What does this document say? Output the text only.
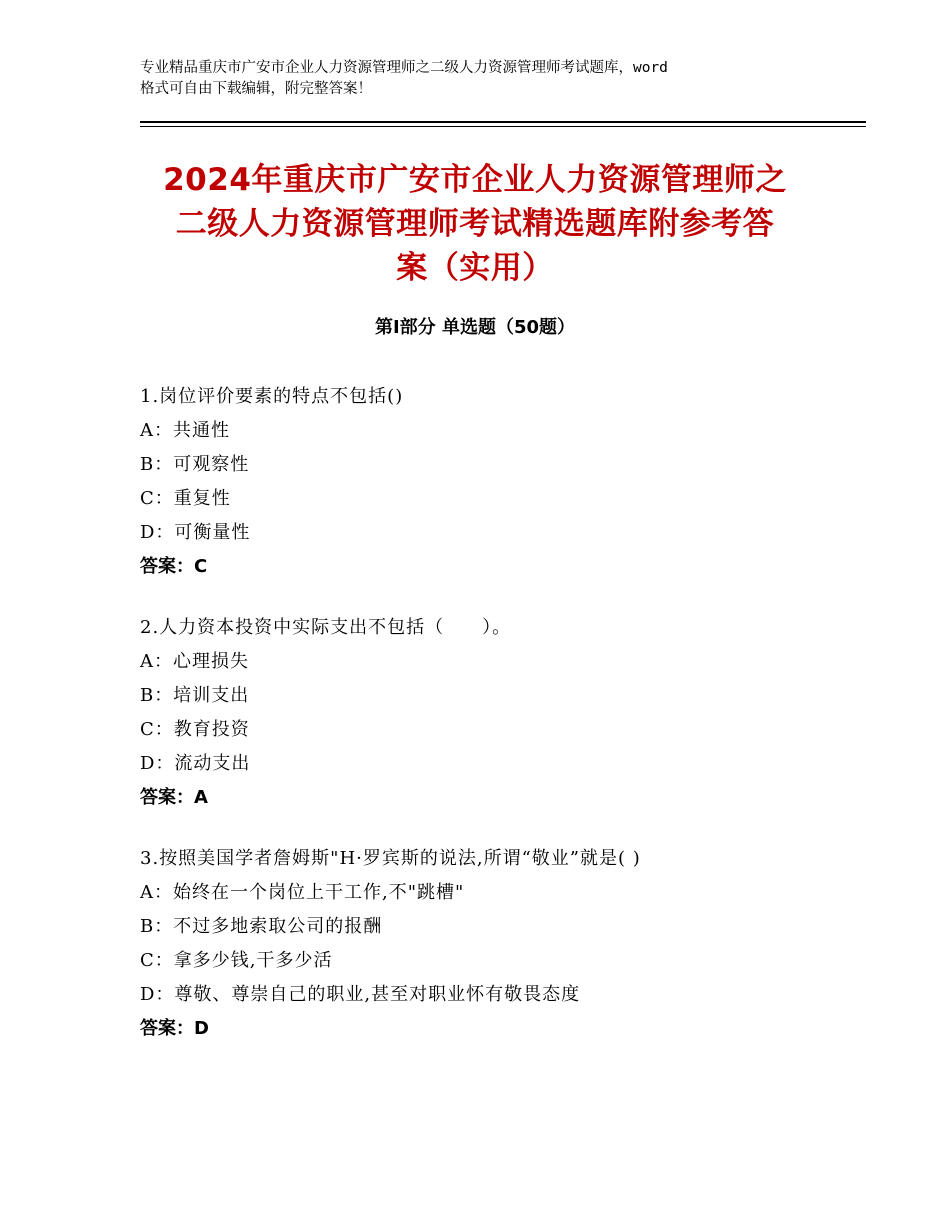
专业精品重庆市广安市企业人力资源管理师之二级人力资源管理师考试题库，word
格式可自由下载编辑，附完整答案！
2024年重庆市广安市企业人力资源管理师之
二级人力资源管理师考试精选题库附参考答
案（实用）
第Ⅰ部分 单选题（50题）
1.岗位评价要素的特点不包括()
A：共通性
B：可观察性
C：重复性
D：可衡量性
答案：C
2.人力资本投资中实际支出不包括（　　）。
A：心理损失
B：培训支出
C：教育投资
D：流动支出
答案：A
3.按照美国学者詹姆斯"H·罗宾斯的说法,所谓“敬业”就是( )
A：始终在一个岗位上干工作,不"跳槽"
B：不过多地索取公司的报酬
C：拿多少钱,干多少活
D：尊敬、尊崇自己的职业,甚至对职业怀有敬畏态度
答案：D
